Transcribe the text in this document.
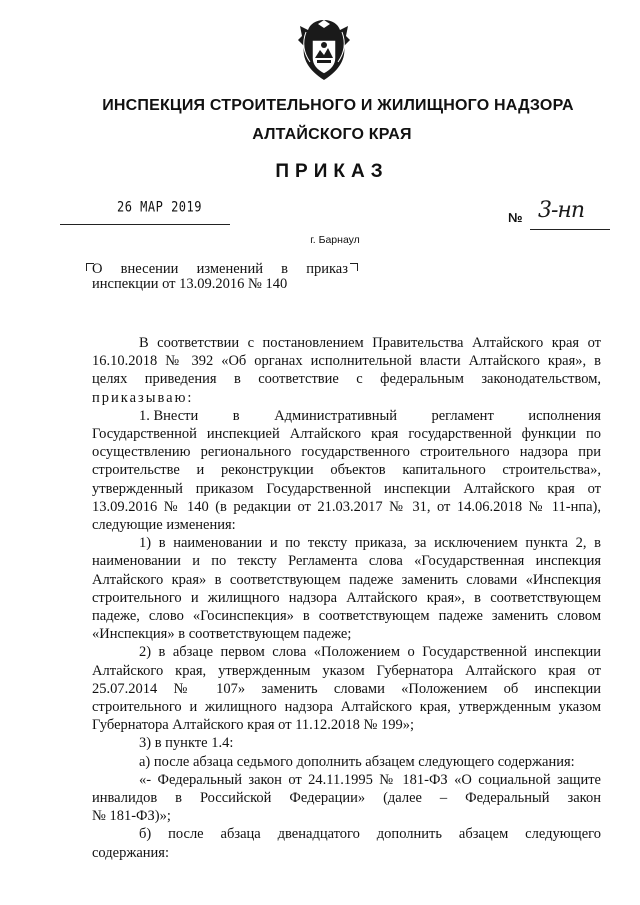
ИНСПЕКЦИЯ СТРОИТЕЛЬНОГО И ЖИЛИЩНОГО НАДЗОРА
АЛТАЙСКОГО КРАЯ
ПРИКАЗ
26 МАР 2019
№ 3-нп
г. Барнаул
О внесении изменений в приказ
инспекции от 13.09.2016 № 140

В соответствии с постановлением Правительства Алтайского края от

16.10.2018 № 392 «Об органах исполнительной власти Алтайского края», в

целях приведения в соответствие с федеральным законодательством,

приказываю:

1. Внести в Административный регламент исполнения

Государственной инспекцией Алтайского края государственной функции по

осуществлению регионального государственного строительного надзора при

строительстве и реконструкции объектов капитального строительства»,

утвержденный приказом Государственной инспекции Алтайского края от

13.09.2016 № 140 (в редакции от 21.03.2017 № 31, от 14.06.2018 № 11-нпа),

следующие изменения:

1) в наименовании и по тексту приказа, за исключением пункта 2, в

наименовании и по тексту Регламента слова «Государственная инспекция

Алтайского края» в соответствующем падеже заменить словами «Инспекция

строительного и жилищного надзора Алтайского края», в соответствующем

падеже, слово «Госинспекция» в соответствующем падеже заменить словом

«Инспекция» в соответствующем падеже;

2) в абзаце первом слова «Положением о Государственной инспекции

Алтайского края, утвержденным указом Губернатора Алтайского края от

25.07.2014 № 107» заменить словами «Положением об инспекции

строительного и жилищного надзора Алтайского края, утвержденным указом

Губернатора Алтайского края от 11.12.2018 № 199»;

3) в пункте 1.4:

а) после абзаца седьмого дополнить абзацем следующего содержания:

«- Федеральный закон от 24.11.1995 № 181-ФЗ «О социальной защите

инвалидов в Российской Федерации» (далее – Федеральный закон

№ 181-ФЗ)»;

б) после абзаца двенадцатого дополнить абзацем следующего

содержания:
